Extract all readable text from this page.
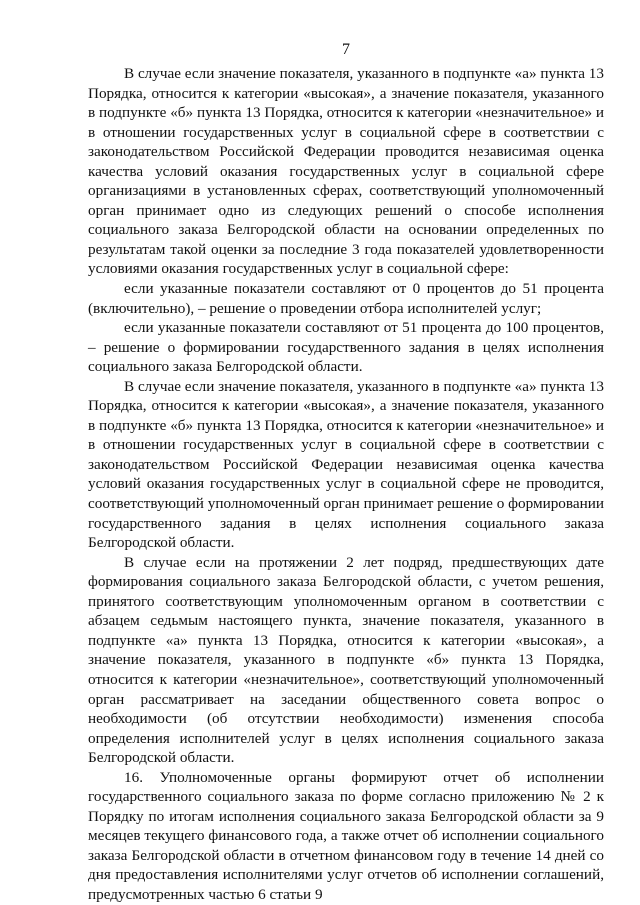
7

В случае если значение показателя, указанного в подпункте «а» пункта 13 Порядка, относится к категории «высокая», а значение показателя, указанного в подпункте «б» пункта 13 Порядка, относится к категории «незначительное» и в отношении государственных услуг в социальной сфере в соответствии с законодательством Российской Федерации проводится независимая оценка качества условий оказания государственных услуг в социальной сфере организациями в установленных сферах, соответствующий уполномоченный орган принимает одно из следующих решений о способе исполнения социального заказа Белгородской области на основании определенных по результатам такой оценки за последние 3 года показателей удовлетворенности условиями оказания государственных услуг в социальной сфере:

если указанные показатели составляют от 0 процентов до 51 процента (включительно), – решение о проведении отбора исполнителей услуг;

если указанные показатели составляют от 51 процента до 100 процентов, – решение о формировании государственного задания в целях исполнения социального заказа Белгородской области.

В случае если значение показателя, указанного в подпункте «а» пункта 13 Порядка, относится к категории «высокая», а значение показателя, указанного в подпункте «б» пункта 13 Порядка, относится к категории «незначительное» и в отношении государственных услуг в социальной сфере в соответствии с законодательством Российской Федерации независимая оценка качества условий оказания государственных услуг в социальной сфере не проводится, соответствующий уполномоченный орган принимает решение о формировании государственного задания в целях исполнения социального заказа Белгородской области.

В случае если на протяжении 2 лет подряд, предшествующих дате формирования социального заказа Белгородской области, с учетом решения, принятого соответствующим уполномоченным органом в соответствии с абзацем седьмым настоящего пункта, значение показателя, указанного в подпункте «а» пункта 13 Порядка, относится к категории «высокая», а значение показателя, указанного в подпункте «б» пункта 13 Порядка, относится к категории «незначительное», соответствующий уполномоченный орган рассматривает на заседании общественного совета вопрос о необходимости (об отсутствии необходимости) изменения способа определения исполнителей услуг в целях исполнения социального заказа Белгородской области.

16. Уполномоченные органы формируют отчет об исполнении государственного социального заказа по форме согласно приложению № 2 к Порядку по итогам исполнения социального заказа Белгородской области за 9 месяцев текущего финансового года, а также отчет об исполнении социального заказа Белгородской области в отчетном финансовом году в течение 14 дней со дня предоставления исполнителями услуг отчетов об исполнении соглашений, предусмотренных частью 6 статьи 9
